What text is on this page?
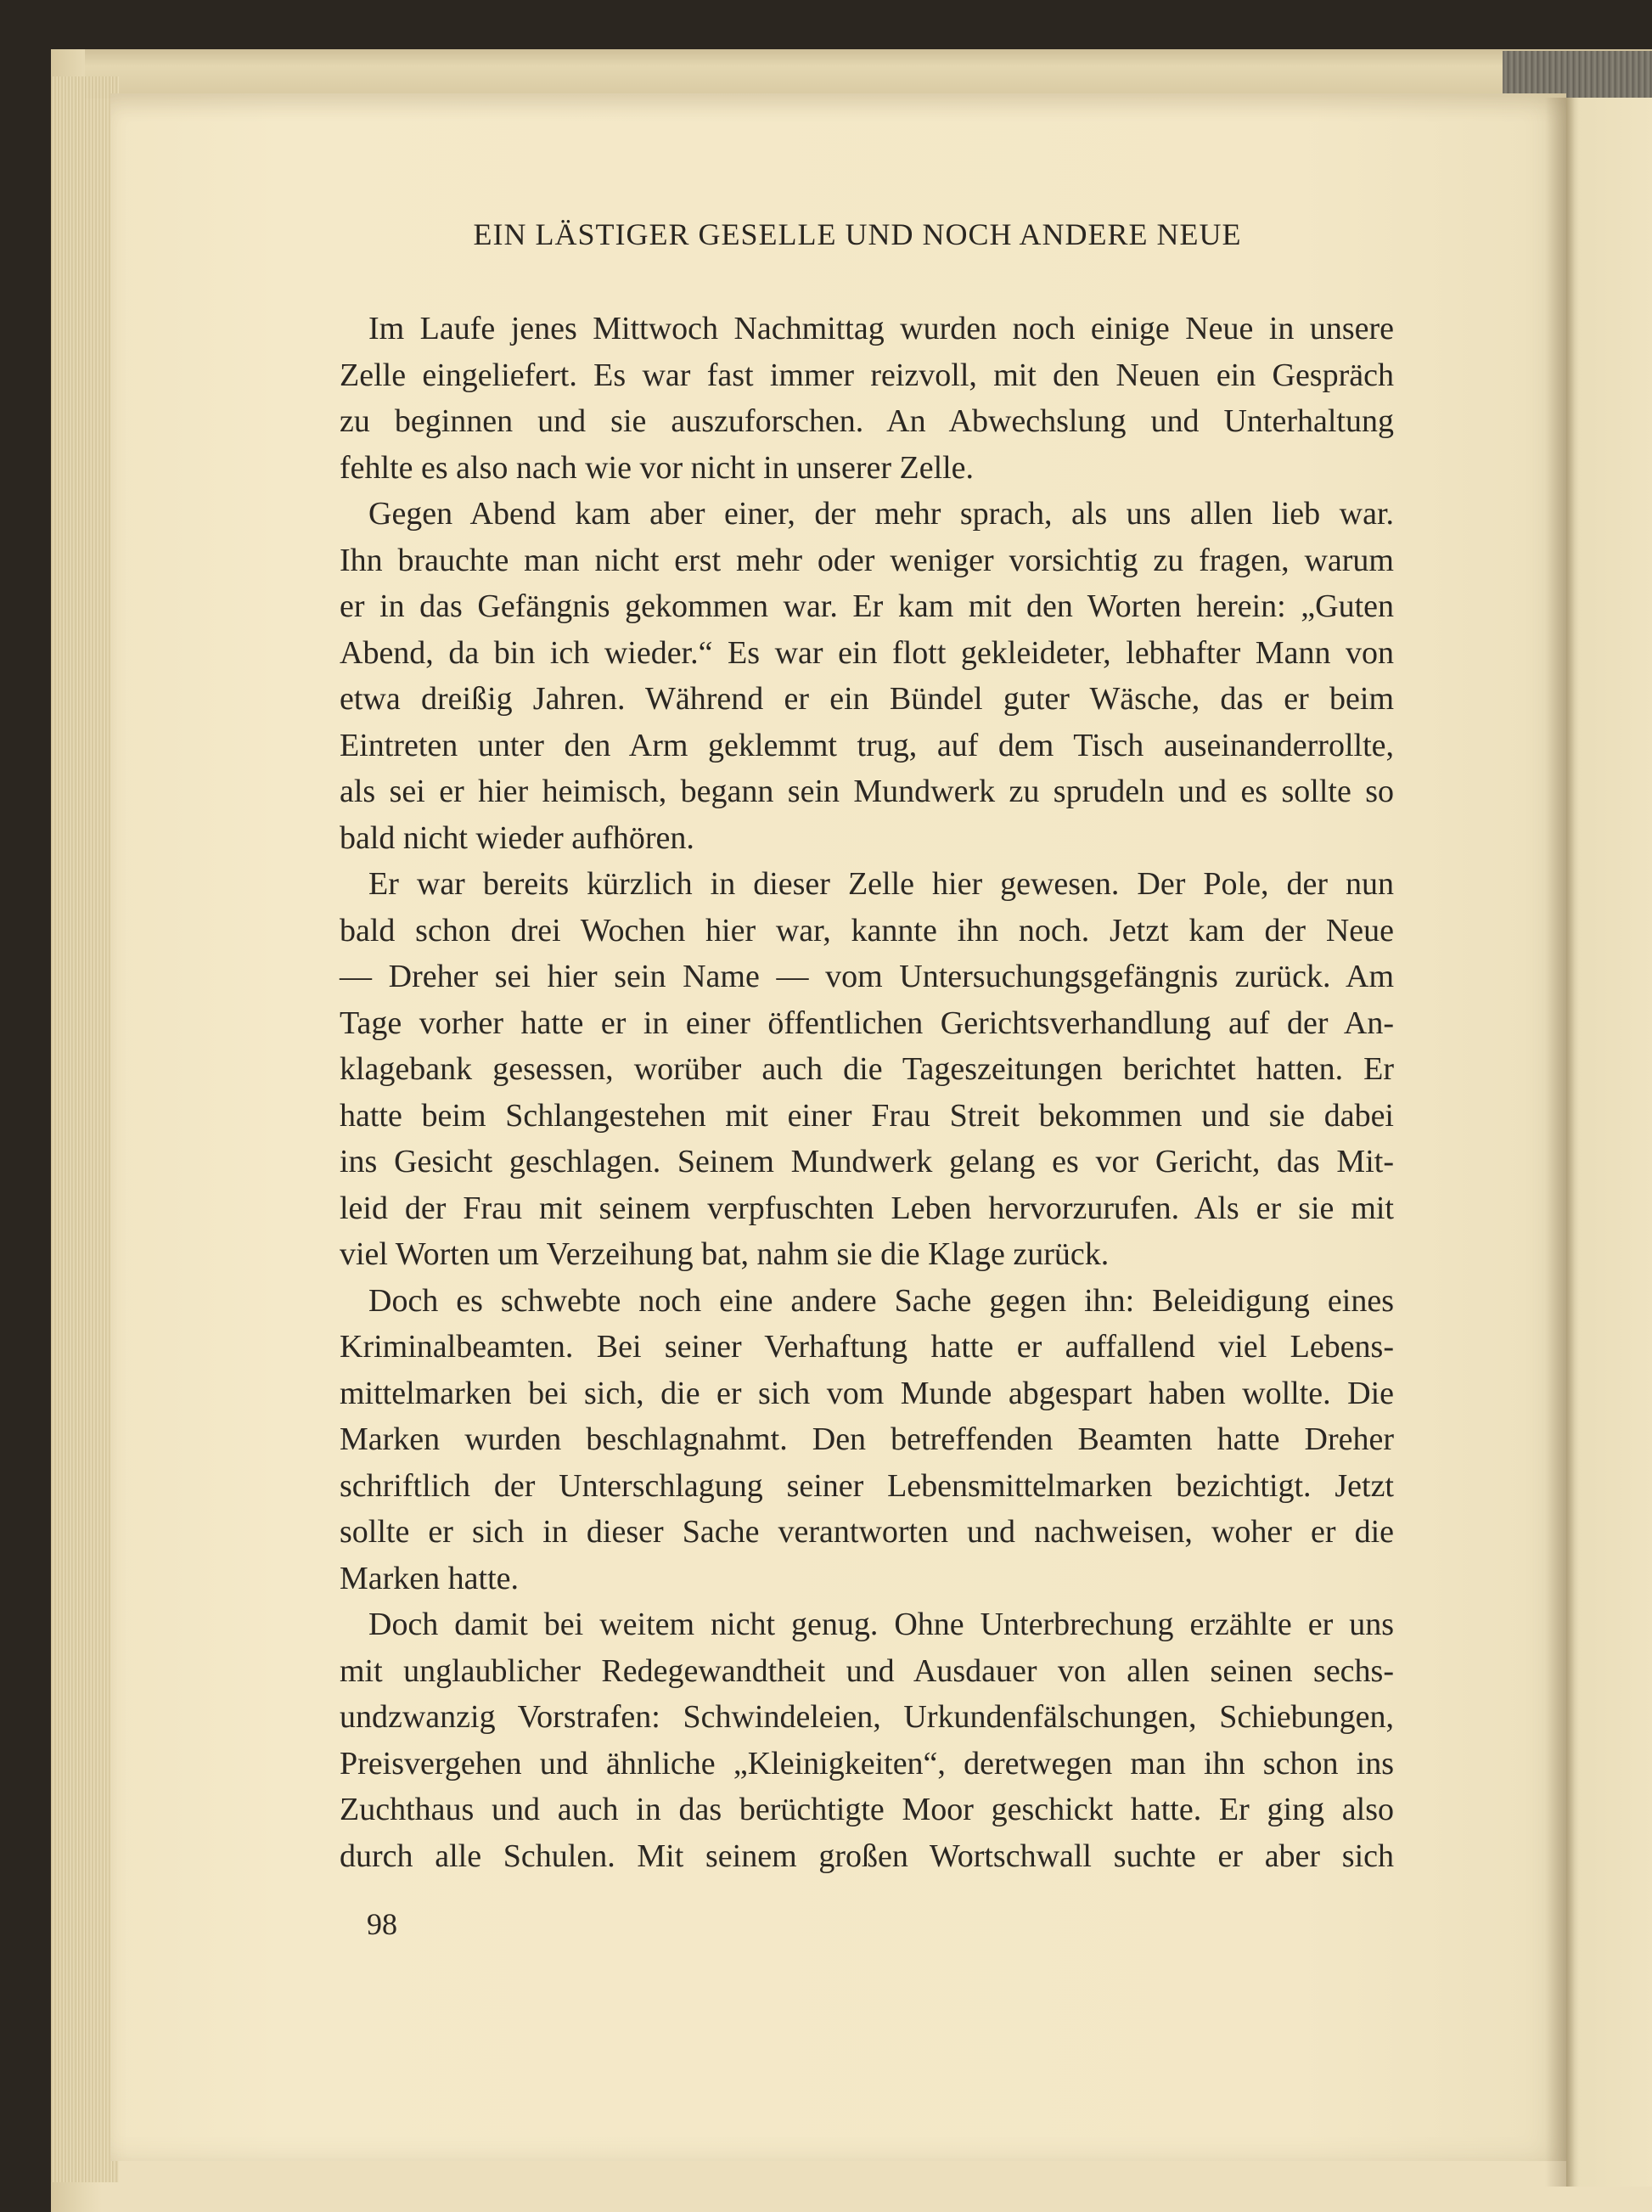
EIN LÄSTIGER GESELLE UND NOCH ANDERE NEUE

Im Laufe jenes Mittwoch Nachmittag wurden noch einige Neue in unsere
Zelle eingeliefert. Es war fast immer reizvoll, mit den Neuen ein Gespräch
zu beginnen und sie auszuforschen. An Abwechslung und Unterhaltung
fehlte es also nach wie vor nicht in unserer Zelle.

Gegen Abend kam aber einer, der mehr sprach, als uns allen lieb war.
Ihn brauchte man nicht erst mehr oder weniger vorsichtig zu fragen, warum
er in das Gefängnis gekommen war. Er kam mit den Worten herein: „Guten
Abend, da bin ich wieder.“ Es war ein flott gekleideter, lebhafter Mann von
etwa dreißig Jahren. Während er ein Bündel guter Wäsche, das er beim
Eintreten unter den Arm geklemmt trug, auf dem Tisch auseinanderrollte,
als sei er hier heimisch, begann sein Mundwerk zu sprudeln und es sollte so
bald nicht wieder aufhören.

Er war bereits kürzlich in dieser Zelle hier gewesen. Der Pole, der nun
bald schon drei Wochen hier war, kannte ihn noch. Jetzt kam der Neue
— Dreher sei hier sein Name — vom Untersuchungsgefängnis zurück. Am
Tage vorher hatte er in einer öffentlichen Gerichtsverhandlung auf der An-
klagebank gesessen, worüber auch die Tageszeitungen berichtet hatten. Er
hatte beim Schlangestehen mit einer Frau Streit bekommen und sie dabei
ins Gesicht geschlagen. Seinem Mundwerk gelang es vor Gericht, das Mit-
leid der Frau mit seinem verpfuschten Leben hervorzurufen. Als er sie mit
viel Worten um Verzeihung bat, nahm sie die Klage zurück.

Doch es schwebte noch eine andere Sache gegen ihn: Beleidigung eines
Kriminalbeamten. Bei seiner Verhaftung hatte er auffallend viel Lebens-
mittelmarken bei sich, die er sich vom Munde abgespart haben wollte. Die
Marken wurden beschlagnahmt. Den betreffenden Beamten hatte Dreher
schriftlich der Unterschlagung seiner Lebensmittelmarken bezichtigt. Jetzt
sollte er sich in dieser Sache verantworten und nachweisen, woher er die
Marken hatte.

Doch damit bei weitem nicht genug. Ohne Unterbrechung erzählte er uns
mit unglaublicher Redegewandtheit und Ausdauer von allen seinen sechs-
undzwanzig Vorstrafen: Schwindeleien, Urkundenfälschungen, Schiebungen,
Preisvergehen und ähnliche „Kleinigkeiten“, deretwegen man ihn schon ins
Zuchthaus und auch in das berüchtigte Moor geschickt hatte. Er ging also
durch alle Schulen. Mit seinem großen Wortschwall suchte er aber sich

98
